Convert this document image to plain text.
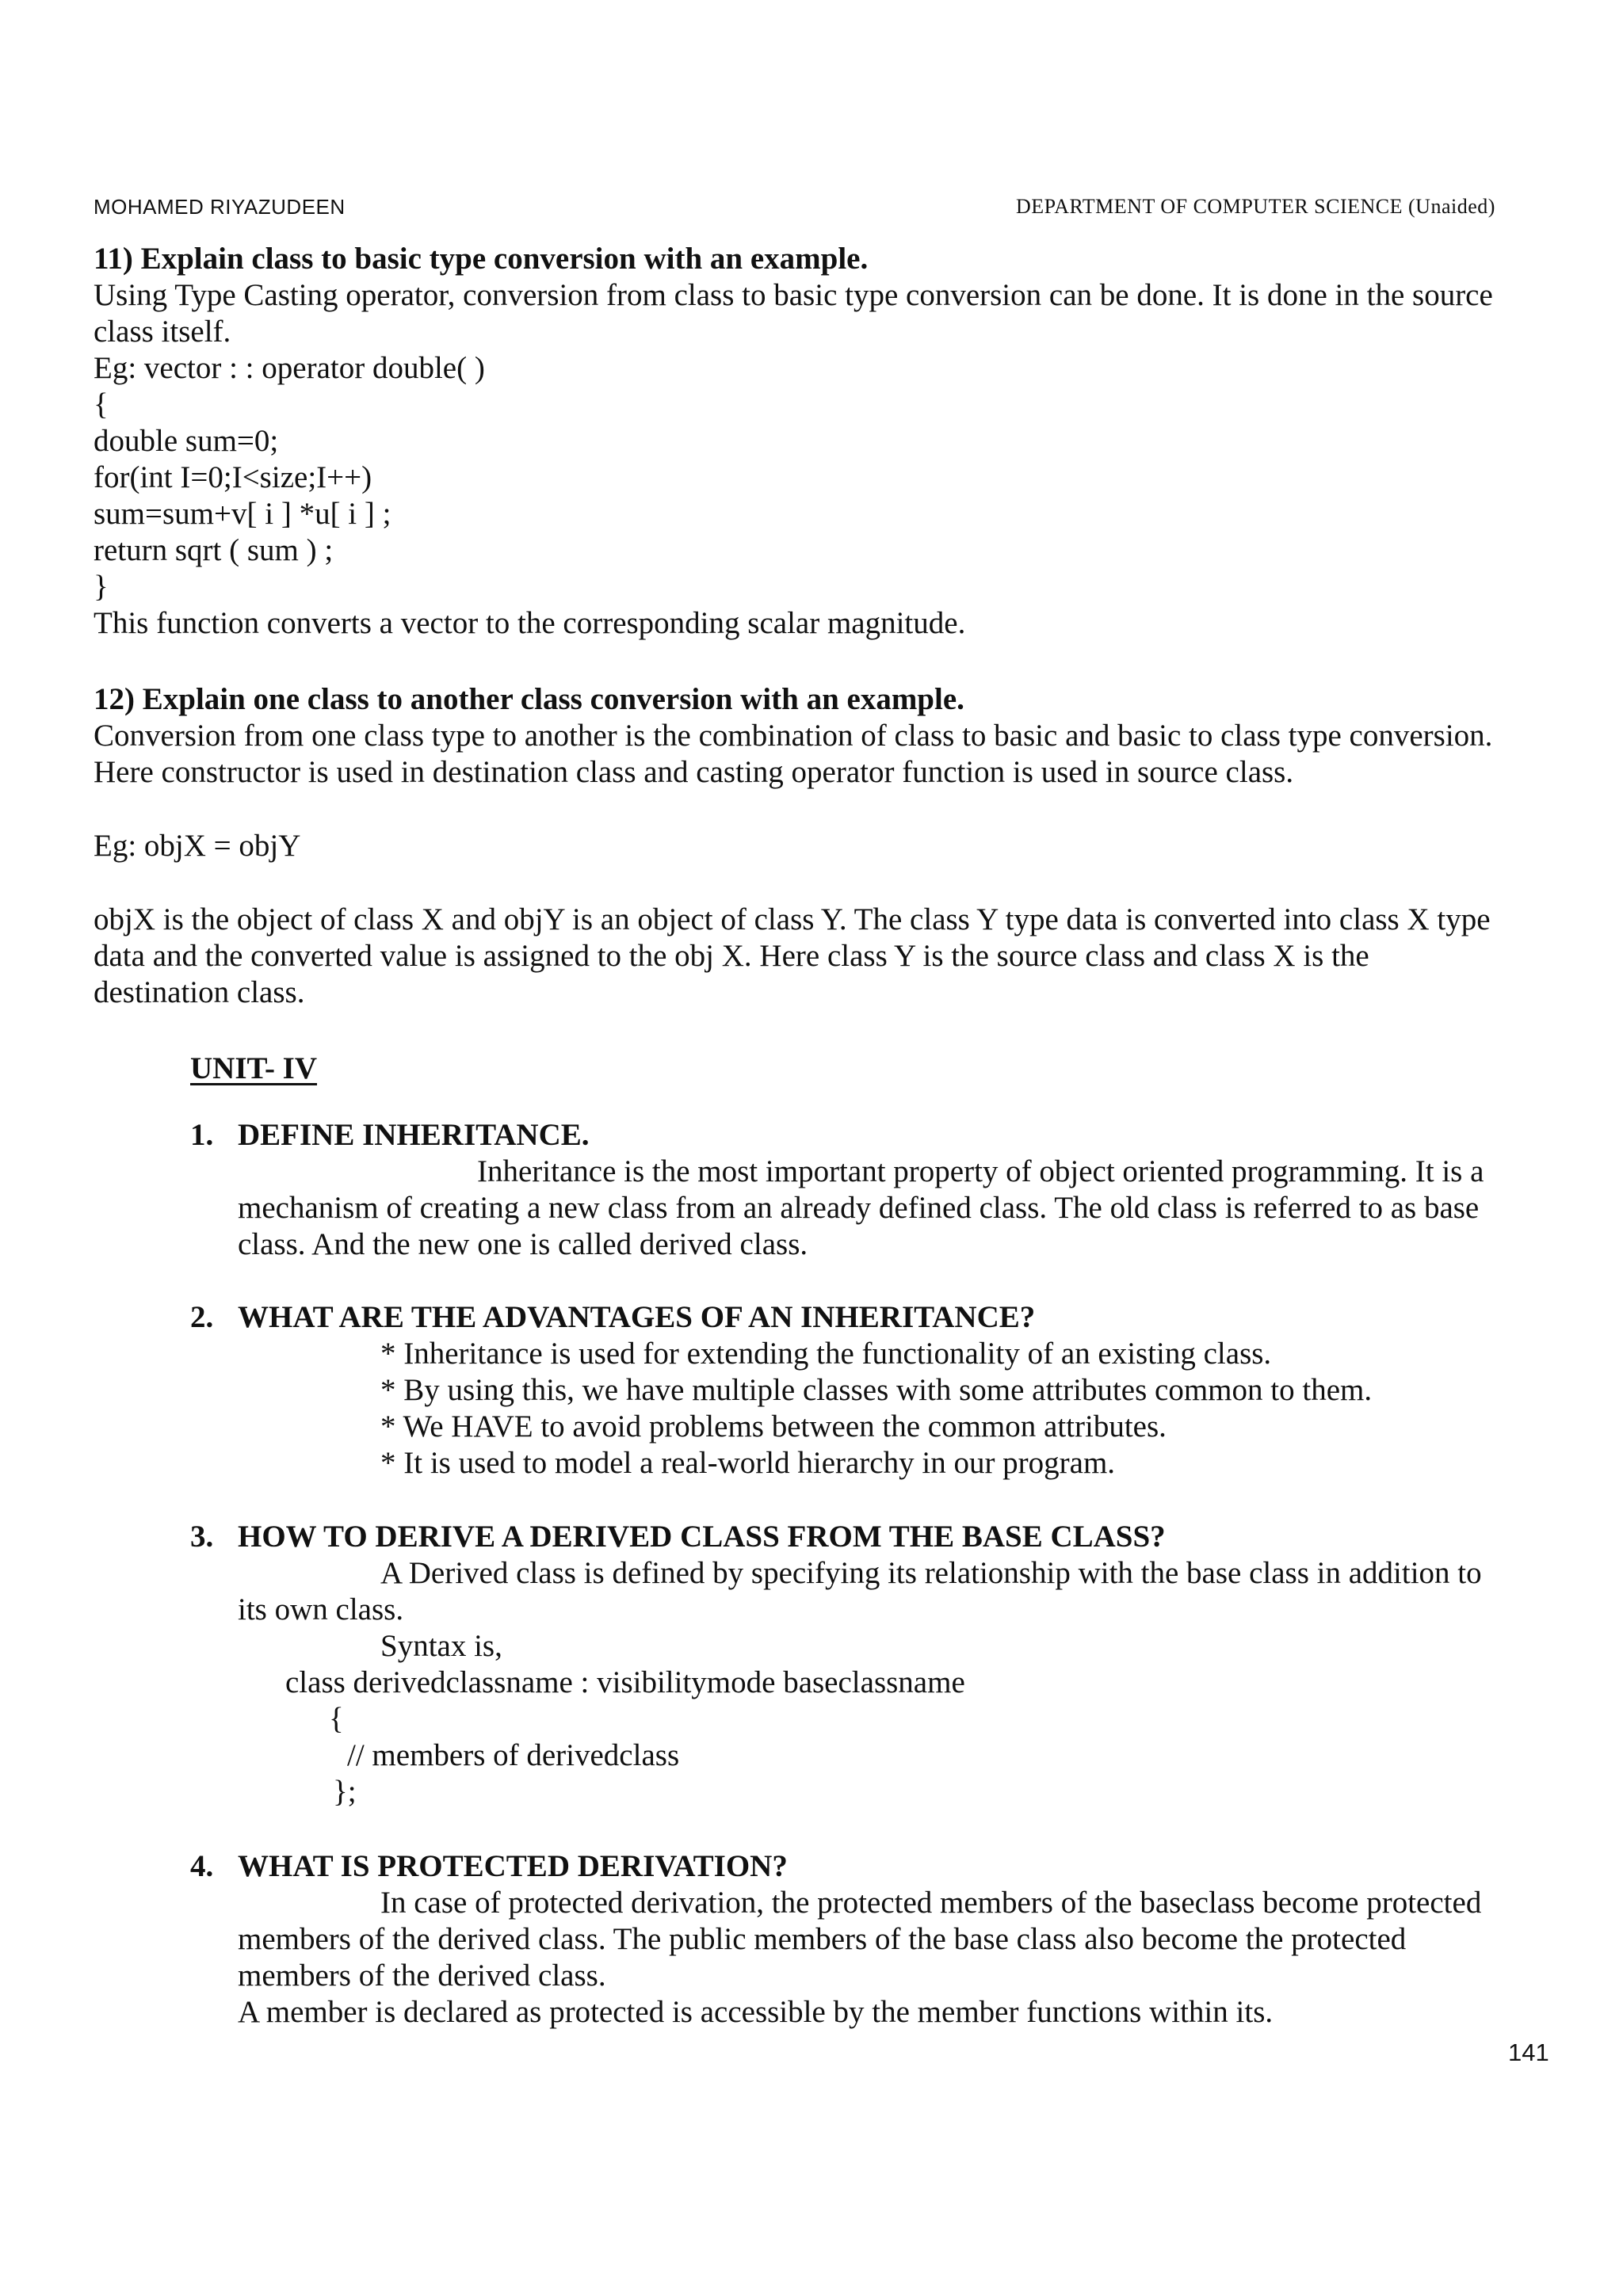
MOHAMED RIYAZUDEEN	DEPARTMENT OF COMPUTER SCIENCE (Unaided)
11) Explain class to basic type conversion with an example.
Using Type Casting operator, conversion from class to basic type conversion can be done. It is done in the source
class itself.
Eg: vector : : operator double( )
{
double sum=0;
for(int I=0;I<size;I++)
sum=sum+v[ i ] *u[ i ] ;
return sqrt ( sum ) ;
}
This function converts a vector to the corresponding scalar magnitude.
12) Explain one class to another class conversion with an example.
Conversion from one class type to another is the combination of class to basic and basic to class type conversion.
Here constructor is used in destination class and casting operator function is used in source class.
Eg: objX = objY
objX is the object of class X and objY is an object of class Y. The class Y type data is converted into class X type
data and the converted value is assigned to the obj X. Here class Y is the source class and class X is the
destination class.
UNIT- IV
1. DEFINE INHERITANCE.
Inheritance is the most important property of object oriented programming. It is a
mechanism of creating a new class from an already defined class. The old class is referred to as base
class. And the new one is called derived class.
2. WHAT ARE THE ADVANTAGES OF AN INHERITANCE?
* Inheritance is used for extending the functionality of an existing class.
* By using this, we have multiple classes with some attributes common to them.
* We HAVE to avoid problems between the common attributes.
* It is used to model a real-world hierarchy in our program.
3. HOW TO DERIVE A DERIVED CLASS FROM THE BASE CLASS?
A Derived class is defined by specifying its relationship with the base class in addition to
its own class.
Syntax is,
class derivedclassname : visibilitymode baseclassname
{
// members of derivedclass
};
4. WHAT IS PROTECTED DERIVATION?
In case of protected derivation, the protected members of the baseclass become protected
members of the derived class. The public members of the base class also become the protected
members of the derived class.
A member is declared as protected is accessible by the member functions within its.
141
